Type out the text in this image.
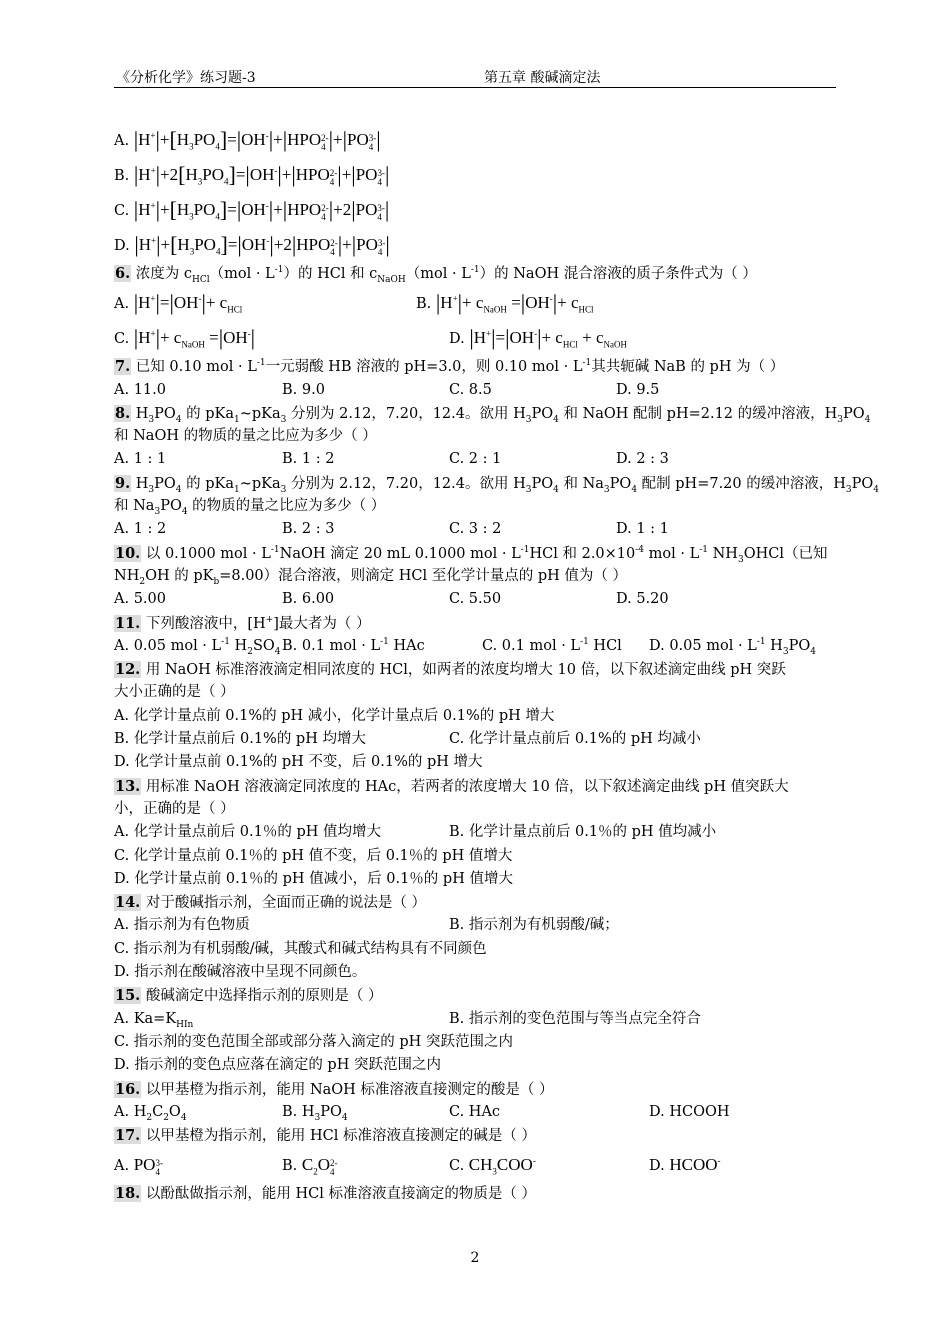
《分析化学》练习题-3	第五章 酸碱滴定法
A. $|H^+|+[H_3PO_4]=|OH^-|+|HPO$ 2-
4 |+|PO 3-
4 |
B. $|H^+|+2[H_3PO_4]=|OH^-|+|HPO$ 2-
4 |+|PO 3-
4 |
C. $|H^+|+[H_3PO_4]=|OH^-|+|HPO$ 2-
4 |+2|PO 3-
4 |
D. $|H^+|+[H_3PO_4]=|OH^-|+2|HPO$ 2-
4 |+|PO 3-
4 |
6. 浓度为 $c_{HCl}(mol \cdot L^{-1})$的 HCl 和 $c_{NaOH}(mol \cdot L^{-1})$的 NaOH 混合溶液的质子条件式为（ ）
A. $|H^+|=|OH^-|+ c_{HCl}$	B. $|H^+|+ c_{NaOH} =|OH^-|+ c_{HCl}$
C. $|H^+|+ c_{NaOH} =|OH^-|$	D. $|H^+|=|OH^-|+ c_{HCl} + c_{NaOH}$
7. 已知 0.10 mol · $L^{-1}$一元弱酸 HB 溶液的 pH=3.0，则 0.10 mol · $L^{-1}$其共轭碱 NaB 的 pH 为（ ）
A. 11.0	B. 9.0	C. 8.5	D. 9.5
8. $H_3PO_4$ 的 pKa$_1$~pKa$_3$ 分别为 2.12，7.20，12.4。欲用 $H_3PO_4$ 和 NaOH 配制 pH=2.12 的缓冲溶液，$H_3PO_4$
和 NaOH 的物质的量之比应为多少（ ）
A. 1 : 1	B. 1 : 2	C. 2 : 1	D. 2 : 3
9. $H_3PO_4$ 的 pKa$_1$~pKa$_3$ 分别为 2.12，7.20，12.4。欲用 $H_3PO_4$ 和 $Na_3PO_4$ 配制 pH=7.20 的缓冲溶液，$H_3PO_4$
和 $Na_3PO_4$ 的物质的量之比应为多少（ ）
A. 1 : 2	B. 2 : 3	C. 3 : 2	D. 1 : 1
10. 以 0.1000 mol · $L^{-1}NaOH$ 滴定 20 mL 0.1000 mol · $L^{-1}HCl$ 和 $2.0\times 10^{-4}$ mol · $L^{-1}$ $NH_3OHCl$（已知
$NH_2OH$ 的 $pK_b=8.00$）混合溶液，则滴定 HCl 至化学计量点的 pH 值为（ ）
A. 5.00	B. 6.00	C. 5.50	D. 5.20
11. 下列酸溶液中，[H+]最大者为（ ）
A. 0.05 mol · $L^{-1}$ $H_2SO_4$ B. 0.1 mol · $L^{-1}$ HAc	C. 0.1 mol · $L^{-1}$ HCl D. 0.05 mol · $L^{-1}$ $H_3PO_4$
12. 用 NaOH 标准溶液滴定相同浓度的 HCl，如两者的浓度均增大 10 倍，以下叙述滴定曲线 pH 突跃
大小正确的是（ ）
A. 化学计量点前 0.1%的 pH 减小，化学计量点后 0.1%的 pH 增大
B. 化学计量点前后 0.1%的 pH 均增大	C. 化学计量点前后 0.1%的 pH 均减小
D. 化学计量点前 0.1%的 pH 不变，后 0.1%的 pH 增大
13. 用标准 NaOH 溶液滴定同浓度的 HAc，若两者的浓度增大 10 倍，以下叙述滴定曲线 pH 值突跃大
小，正确的是（ ）
A. 化学计量点前后 0.1％的 pH 值均增大	B. 化学计量点前后 0.1％的 pH 值均减小
C. 化学计量点前 0.1％的 pH 值不变，后 0.1％的 pH 值增大
D. 化学计量点前 0.1％的 pH 值减小，后 0.1％的 pH 值增大
14. 对于酸碱指示剂，全面而正确的说法是（ ）
A. 指示剂为有色物质	B. 指示剂为有机弱酸/碱；
C. 指示剂为有机弱酸/碱，其酸式和碱式结构具有不同颜色
D. 指示剂在酸碱溶液中呈现不同颜色。
15. 酸碱滴定中选择指示剂的原则是（ ）
A. $Ka=K_{HIn}$	B. 指示剂的变色范围与等当点完全符合
C. 指示剂的变色范围全部或部分落入滴定的 pH 突跃范围之内
D. 指示剂的变色点应落在滴定的 pH 突跃范围之内
16. 以甲基橙为指示剂，能用 NaOH 标准溶液直接测定的酸是（ ）
A. $H_2C_2O_4$	B. $H_3PO_4$	C. HAc	D. HCOOH
17. 以甲基橙为指示剂，能用 HCl 标准溶液直接测定的碱是（ ）
A. PO 3-
4	B. $C_2O$ 2-
4	C. $CH_3COO^-$	D. HCOO-
18. 以酚酞做指示剂，能用 HCl 标准溶液直接滴定的物质是（ ）
2
